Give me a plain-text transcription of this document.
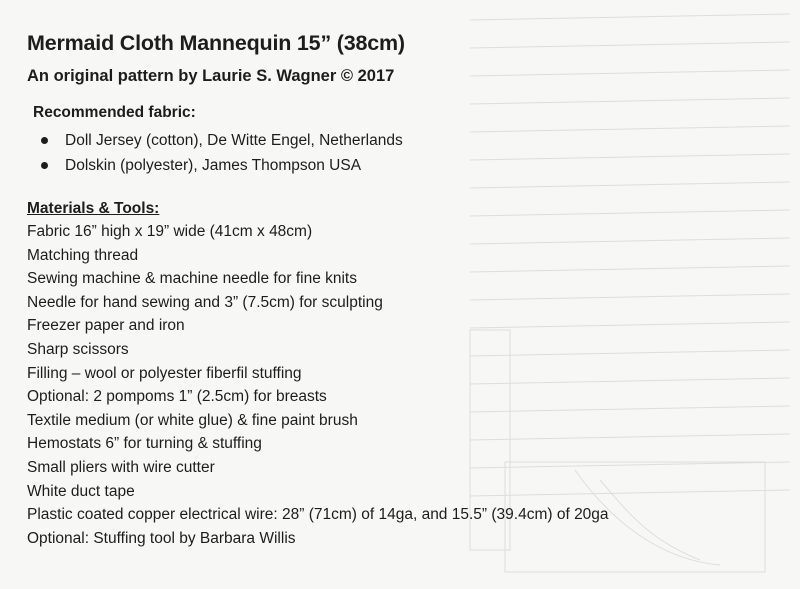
Mermaid Cloth Mannequin 15” (38cm)
An original pattern by Laurie S. Wagner © 2017
Recommended fabric:
Doll Jersey (cotton), De Witte Engel, Netherlands
Dolskin (polyester), James Thompson USA
Materials & Tools:
Fabric 16” high x 19” wide (41cm x 48cm)
Matching thread
Sewing machine & machine needle for fine knits
Needle for hand sewing and 3” (7.5cm) for sculpting
Freezer paper and iron
Sharp scissors
Filling – wool or polyester fiberfil stuffing
Optional: 2 pompoms 1” (2.5cm) for breasts
Textile medium (or white glue) & fine paint brush
Hemostats 6” for turning & stuffing
Small pliers with wire cutter
White duct tape
Plastic coated copper electrical wire: 28” (71cm) of 14ga, and 15.5” (39.4cm) of 20ga
Optional: Stuffing tool by Barbara Willis
